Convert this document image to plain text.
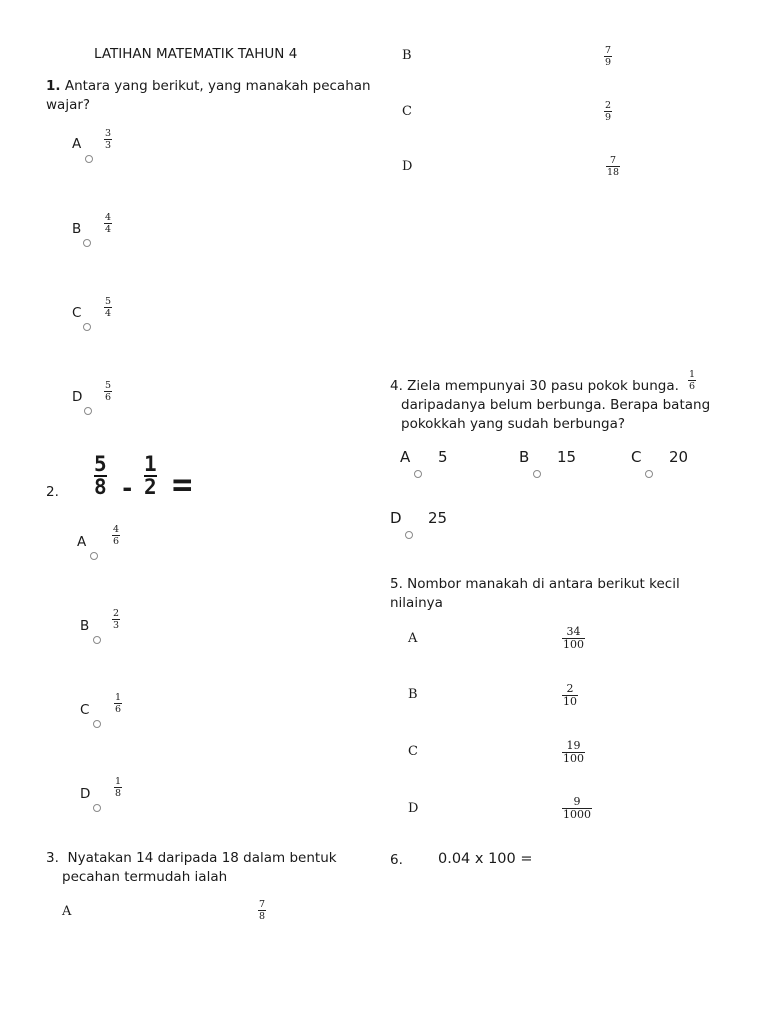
LATIHAN MATEMATIK TAHUN 4
1. Antara yang berikut, yang manakah pecahan
wajar?
A
3
3
B
4
4
C
5
4
D
5
6
2.
5
8 -
1
2 =
A
4
6
B
2
3
C
1
6
D
1
8
3. Nyatakan 14 daripada 18 dalam bentuk
pecahan termudah ialah
A	7
8
B	7
9
C	2
9
D	7
18
4. Ziela mempunyai 30 pasu pokok bunga.
1
6
daripadanya belum berbunga. Berapa batang
pokokkah yang sudah berbunga?
A 5	B 15	C 20
D 25
5. Nombor manakah di antara berikut kecil
nilainya
A	34
100
B	2
10
C	19
100
D	9
1000
6. 0.04 x 100 =
